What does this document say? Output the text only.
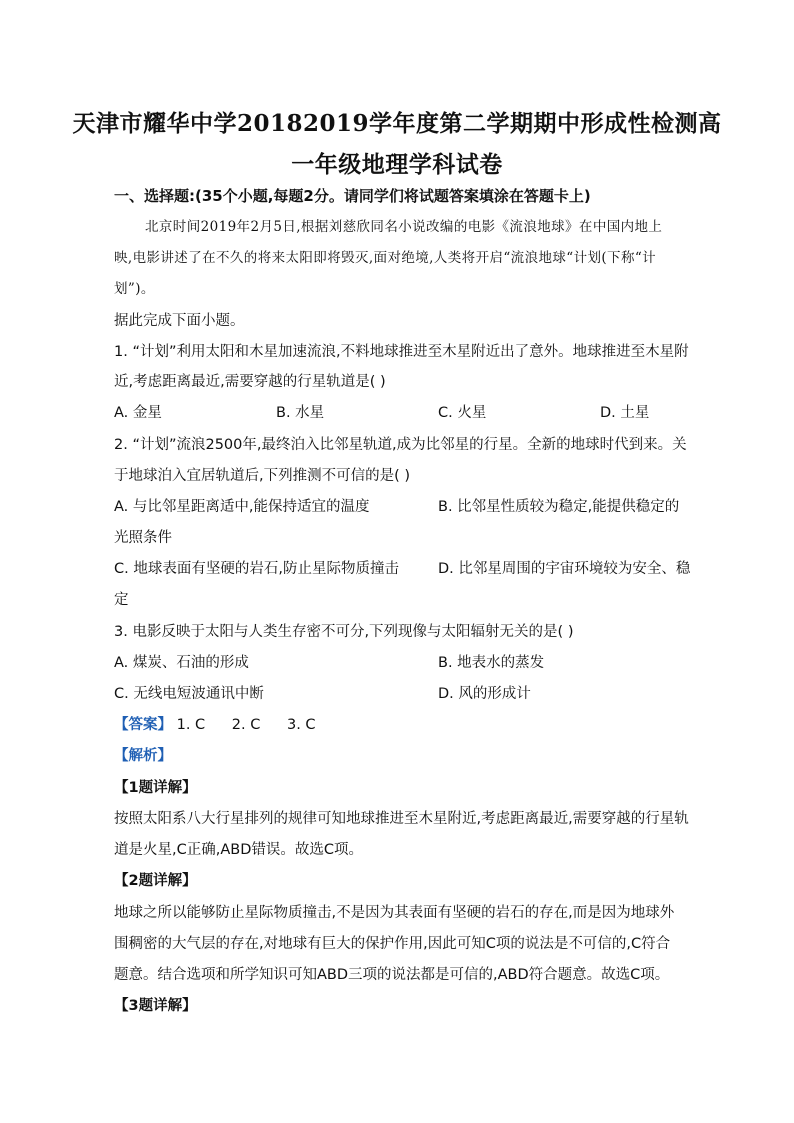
天津市耀华中学20182019学年度第二学期期中形成性检测高
一年级地理学科试卷
一、选择题:(35个小题,每题2分。请同学们将试题答案填涂在答题卡上)
北京时间2019年2月5日,根据刘慈欣同名小说改编的电影《流浪地球》在中国内地上
映,电影讲述了在不久的将来太阳即将毁灭,面对绝境,人类将开启“流浪地球“计划(下称“计
划”)。
据此完成下面小题。
1. “计划”利用太阳和木星加速流浪,不料地球推进至木星附近出了意外。地球推进至木星附
近,考虑距离最近,需要穿越的行星轨道是( )
A. 金星	B. 水星	C. 火星	D. 土星
2. “计划”流浪2500年,最终泊入比邻星轨道,成为比邻星的行星。全新的地球时代到来。关
于地球泊入宜居轨道后,下列推测不可信的是( )
A. 与比邻星距离适中,能保持适宜的温度	B. 比邻星性质较为稳定,能提供稳定的
光照条件
C. 地球表面有坚硬的岩石,防止星际物质撞击	D. 比邻星周围的宇宙环境较为安全、稳
定
3. 电影反映于太阳与人类生存密不可分,下列现像与太阳辐射无关的是( )
A. 煤炭、石油的形成	B. 地表水的蒸发
C. 无线电短波通讯中断	D. 风的形成计
【答案】 1. C 2. C 3. C
【解析】
【1题详解】
按照太阳系八大行星排列的规律可知地球推进至木星附近,考虑距离最近,需要穿越的行星轨
道是火星,C正确,ABD错误。故选C项。
【2题详解】
地球之所以能够防止星际物质撞击,不是因为其表面有坚硬的岩石的存在,而是因为地球外
围稠密的大气层的存在,对地球有巨大的保护作用,因此可知C项的说法是不可信的,C符合
题意。结合选项和所学知识可知ABD三项的说法都是可信的,ABD符合题意。故选C项。
【3题详解】
